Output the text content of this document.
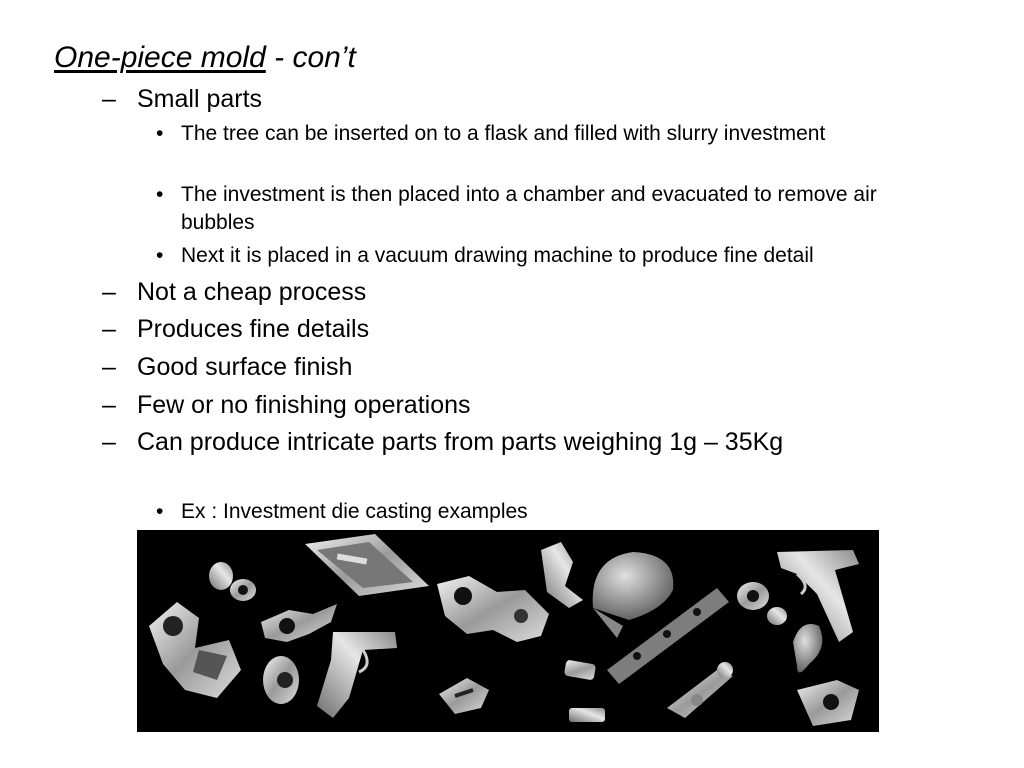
One-piece mold - con’t
– Small parts
• The tree can be inserted on to a flask and filled with slurry investment
• The investment is then placed into a chamber and evacuated to remove air bubbles
• Next it is placed in a vacuum drawing machine to produce fine detail
– Not a cheap process
– Produces fine details
– Good surface finish
– Few or no finishing operations
– Can produce intricate parts from parts weighing 1g – 35Kg
• Ex : Investment die casting examples
